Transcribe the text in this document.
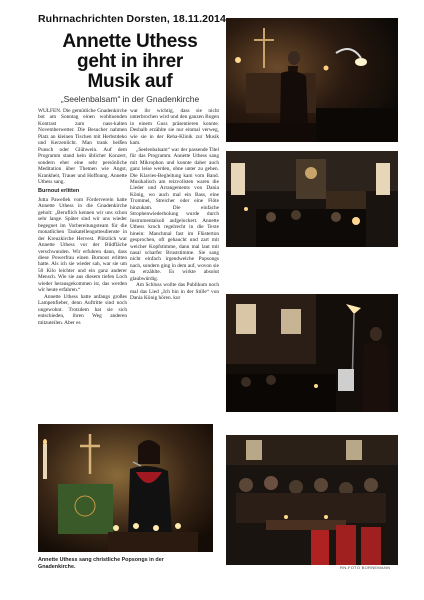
Ruhrnachrichten Dorsten, 18.11.2014
Annette Uthess
geht in ihrer
Musik auf
„Seelenbalsam“ in der Gnadenkirche

WULFEN. Die gemütliche Gnadenkirche bot am Sonntag einen wohltuenden Kontrast zum nass-kalten Novemberwetter. Die Besucher nahmen Platz an kleinen Tischen mit Herbstdeko und Kerzenlicht. Man trank heißen Punsch oder Glühwein. Auf dem Programm stand kein üblicher Konzert, sondern eher eine sehr persönliche Meditation über Themen wie Angst, Krankheit, Trauer und Hoffnung. Annette Uthess sang.

Burnout erlitten

Jutta Pawellek vom Förderverein hatte Annette Uthess in die Gnadenkirche geholt: „Beruflich kennen wir uns schon sehr lange. Später sind wir uns wieder begegnet im Vorbereitungsteam für die monatlichen Taukatellengottesdienste in der Kreuzkirche Hervest. Plötzlich war Annette Uthess vor der Bildfläche verschwunden. Wir erfuhren dann, dass diese Powerfrau einen Burnout erlitten hatte. Als ich sie wieder sah, war sie um 50 Kilo leichter und ein ganz anderer Mensch. Wie sie aus diesem tiefen Loch wieder herausgekommen ist, das werden wir heute erfahren.“

Annette Uthess hatte anfangs großes Lampenfieber, denn Auftritte sind noch ungewohnt. Trotzdem hat sie sich entschieden, ihren Weg anderen mitzuteilen. Aber es

war ihr wichtig, dass sie nicht unterbrochen wird und den ganzen Bogen in einem Guss präsentieren konnte. Deshalb erzählte sie nur einmal verweg, wie sie in der Reha-Klinik zur Musik kam.

„Seelenbalsam“ war der passende Titel für das Programm. Annette Uthess sang mit Mikrophon und konnte daher auch ganz leise werden, ohne unter zu gehen. Die Klavies-Begleitung kam vom Band. Musikalisch am reizvollsten waren die Lieder und Arrangements von Dania König, wo auch mal ein Bass, eine Trommel, Streicher oder eine Flöte hinzukam. Die einfache Strophenwiederholung wurde durch Instrumentalsoli aufgelockert. Annette Uthess kroch regelrecht in die Texte hinein: Manchmal fast im Flüsterton gesprochen, oft gehaucht und zart mit weicher Kopfstimme, dann mal laut mit nasal scharfer Bruststimme. Sie sang nicht einfach irgendwelche Popsongs nach, sondern ging in dem auf, wovon sie da erzählte. Es wirkte absolut glaubwürdig.

Am Schluss wollte das Publikum noch mal das Lied „Ich bin in der Stille“ von Dania König hören. kor

Annette Uthess sang christliche Popsongs in der Gnadenkirche.	RN-FOTO BORNEMANN
